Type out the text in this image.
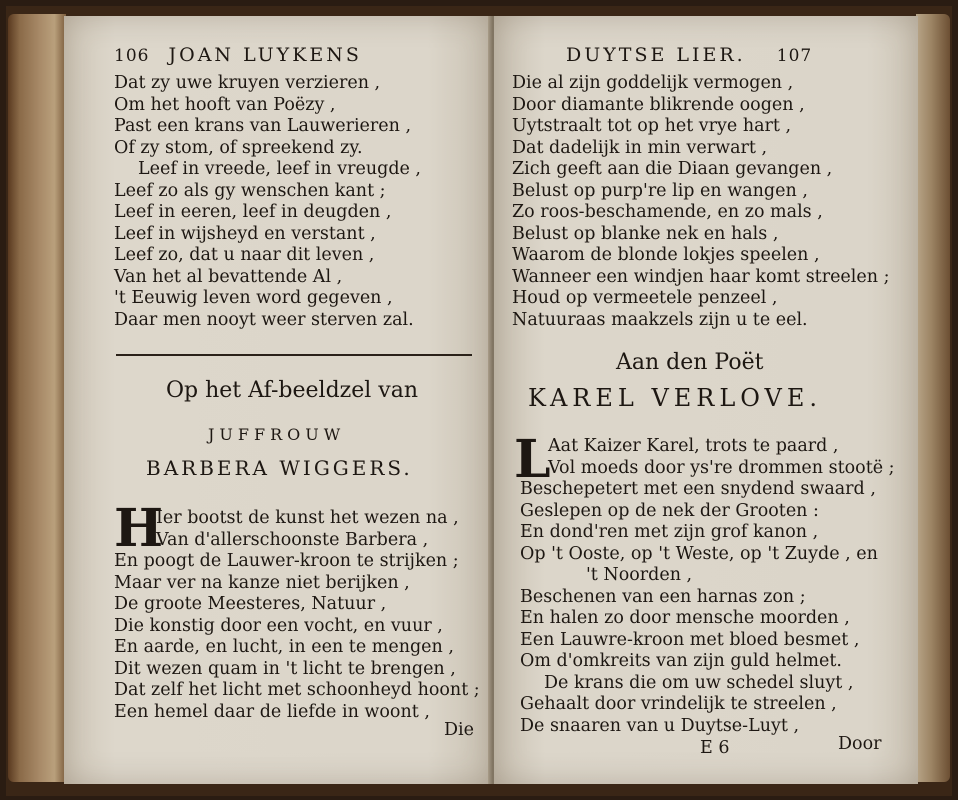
106 JOAN LUYKENS
Dat zy uwe kruyen verzieren ,
Om het hooft van Poëzy ,
Past een krans van Lauwerieren ,
Of zy stom, of spreekend zy.
Leef in vreede, leef in vreugde ,
Leef zo als gy wenschen kant ;
Leef in eeren, leef in deugden ,
Leef in wijsheyd en verstant ,
Leef zo, dat u naar dit leven ,
Van het al bevattende Al ,
't Eeuwig leven word gegeven ,
Daar men nooyt weer sterven zal.
Op het Af-beeldzel van
JUFFROUW
BARBERA WIGGERS.
H
Ier bootst de kunst het wezen na ,
Van d'allerschoonste Barbera ,
En poogt de Lauwer-kroon te strijken ;
Maar ver na kanze niet berijken ,
De groote Meesteres, Natuur ,
Die konstig door een vocht, en vuur ,
En aarde, en lucht, in een te mengen ,
Dit wezen quam in 't licht te brengen ,
Dat zelf het licht met schoonheyd hoont ;
Een hemel daar de liefde in woont ,
Die
DUYTSE LIER. 107
Die al zijn goddelijk vermogen ,
Door diamante blikrende oogen ,
Uytstraalt tot op het vrye hart ,
Dat dadelijk in min verwart ,
Zich geeft aan die Diaan gevangen ,
Belust op purp're lip en wangen ,
Zo roos-beschamende, en zo mals ,
Belust op blanke nek en hals ,
Waarom de blonde lokjes speelen ,
Wanneer een windjen haar komt streelen ;
Houd op vermeetele penzeel ,
Natuuraas maakzels zijn u te eel.
Aan den Poët
KAREL VERLOVE.
L
Aat Kaizer Karel, trots te paard ,
Vol moeds door ys're drommen stootë ;
Beschepetert met een snydend swaard ,
Geslepen op de nek der Grooten :
En dond'ren met zijn grof kanon ,
Op 't Ooste, op 't Weste, op 't Zuyde , en
't Noorden ,
Beschenen van een harnas zon ;
En halen zo door mensche moorden ,
Een Lauwre-kroon met bloed besmet ,
Om d'omkreits van zijn guld helmet.
De krans die om uw schedel sluyt ,
Gehaalt door vrindelijk te streelen ,
De snaaren van u Duytse-Luyt ,
E 6	Door
